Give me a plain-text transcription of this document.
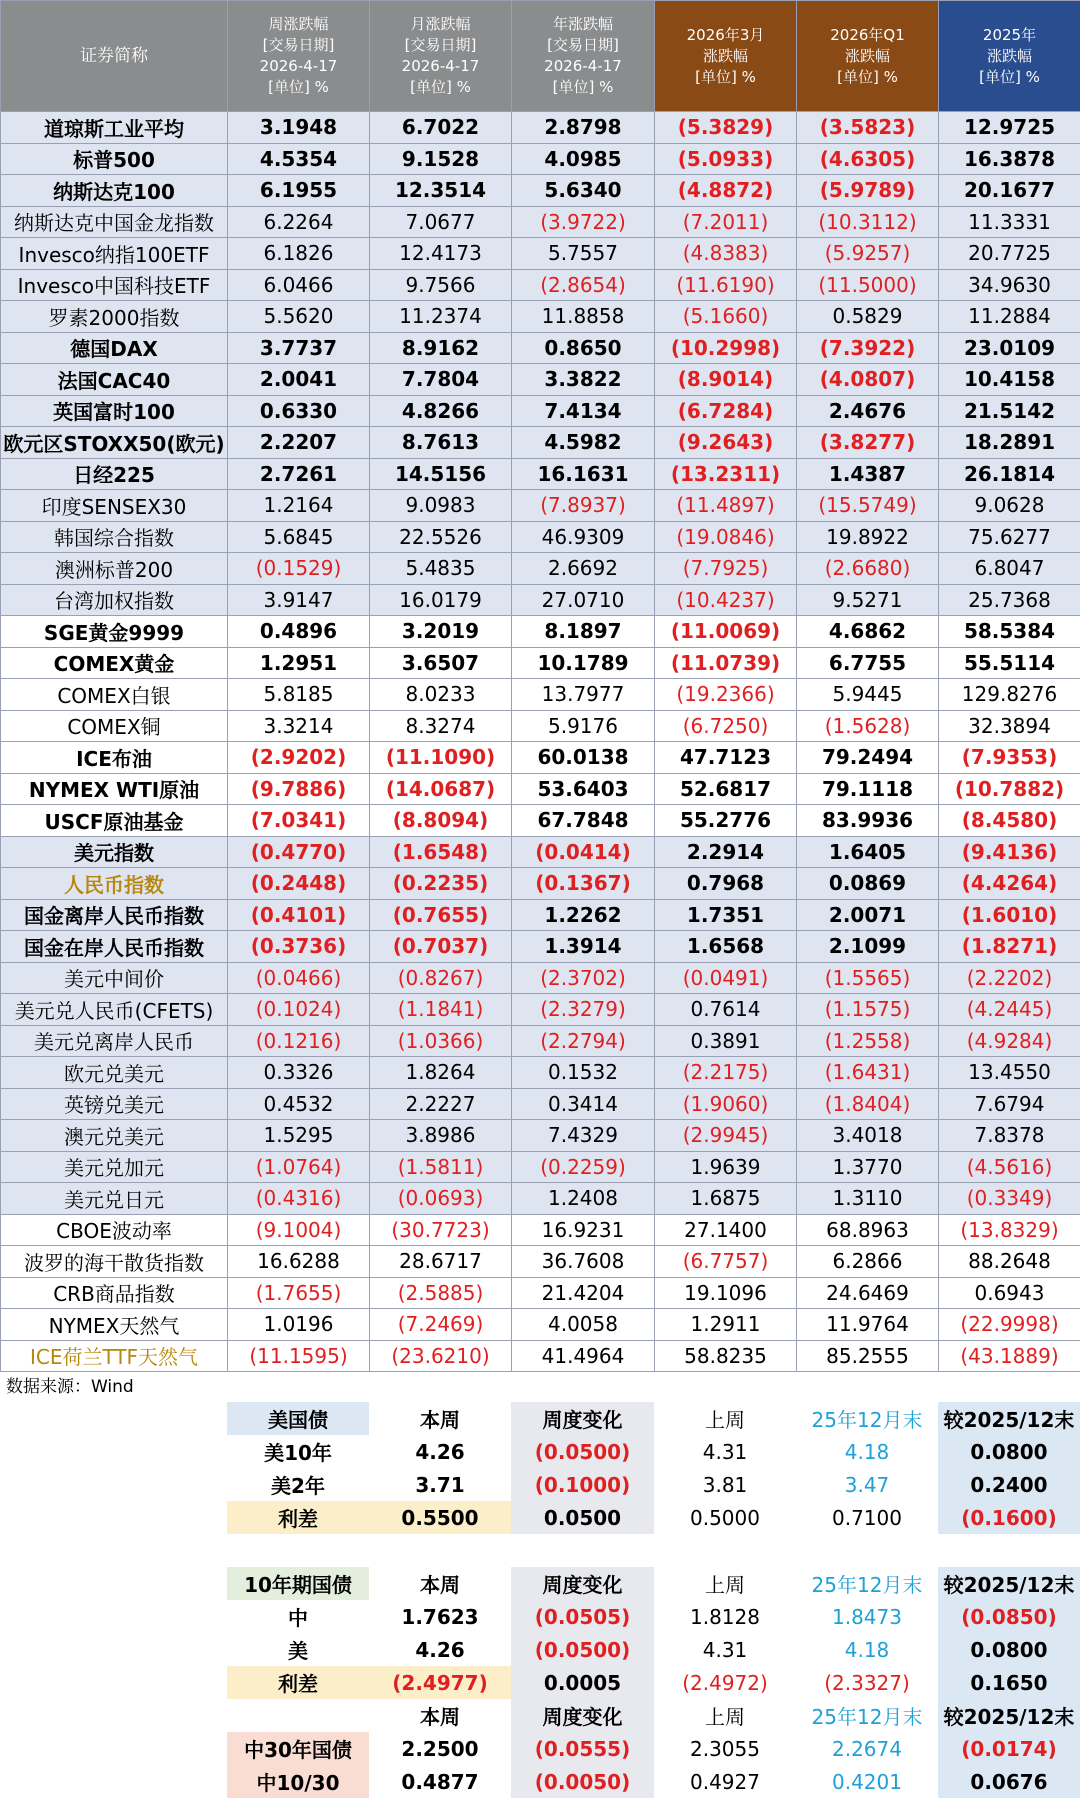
证券简称	周涨跌幅
[交易日期]
2026-4-17
[单位] %	月涨跌幅
[交易日期]
2026-4-17
[单位] %	年涨跌幅
[交易日期]
2026-4-17
[单位] %	2026年3月
涨跌幅
[单位] %	2026年Q1
涨跌幅
[单位] %	2025年
涨跌幅
[单位] %
道琼斯工业平均	3.1948	6.7022	2.8798	(5.3829)	(3.5823)	12.9725
标普500	4.5354	9.1528	4.0985	(5.0933)	(4.6305)	16.3878
纳斯达克100	6.1955	12.3514	5.6340	(4.8872)	(5.9789)	20.1677
纳斯达克中国金龙指数	6.2264	7.0677	(3.9722)	(7.2011)	(10.3112)	11.3331
Invesco纳指100ETF	6.1826	12.4173	5.7557	(4.8383)	(5.9257)	20.7725
Invesco中国科技ETF	6.0466	9.7566	(2.8654)	(11.6190)	(11.5000)	34.9630
罗素2000指数	5.5620	11.2374	11.8858	(5.1660)	0.5829	11.2884
德国DAX	3.7737	8.9162	0.8650	(10.2998)	(7.3922)	23.0109
法国CAC40	2.0041	7.7804	3.3822	(8.9014)	(4.0807)	10.4158
英国富时100	0.6330	4.8266	7.4134	(6.7284)	2.4676	21.5142
欧元区STOXX50(欧元)	2.2207	8.7613	4.5982	(9.2643)	(3.8277)	18.2891
日经225	2.7261	14.5156	16.1631	(13.2311)	1.4387	26.1814
印度SENSEX30	1.2164	9.0983	(7.8937)	(11.4897)	(15.5749)	9.0628
韩国综合指数	5.6845	22.5526	46.9309	(19.0846)	19.8922	75.6277
澳洲标普200	(0.1529)	5.4835	2.6692	(7.7925)	(2.6680)	6.8047
台湾加权指数	3.9147	16.0179	27.0710	(10.4237)	9.5271	25.7368
SGE黄金9999	0.4896	3.2019	8.1897	(11.0069)	4.6862	58.5384
COMEX黄金	1.2951	3.6507	10.1789	(11.0739)	6.7755	55.5114
COMEX白银	5.8185	8.0233	13.7977	(19.2366)	5.9445	129.8276
COMEX铜	3.3214	8.3274	5.9176	(6.7250)	(1.5628)	32.3894
ICE布油	(2.9202)	(11.1090)	60.0138	47.7123	79.2494	(7.9353)
NYMEX WTI原油	(9.7886)	(14.0687)	53.6403	52.6817	79.1118	(10.7882)
USCF原油基金	(7.0341)	(8.8094)	67.7848	55.2776	83.9936	(8.4580)
美元指数	(0.4770)	(1.6548)	(0.0414)	2.2914	1.6405	(9.4136)
人民币指数	(0.2448)	(0.2235)	(0.1367)	0.7968	0.0869	(4.4264)
国金离岸人民币指数	(0.4101)	(0.7655)	1.2262	1.7351	2.0071	(1.6010)
国金在岸人民币指数	(0.3736)	(0.7037)	1.3914	1.6568	2.1099	(1.8271)
美元中间价	(0.0466)	(0.8267)	(2.3702)	(0.0491)	(1.5565)	(2.2202)
美元兑人民币(CFETS)	(0.1024)	(1.1841)	(2.3279)	0.7614	(1.1575)	(4.2445)
美元兑离岸人民币	(0.1216)	(1.0366)	(2.2794)	0.3891	(1.2558)	(4.9284)
欧元兑美元	0.3326	1.8264	0.1532	(2.2175)	(1.6431)	13.4550
英镑兑美元	0.4532	2.2227	0.3414	(1.9060)	(1.8404)	7.6794
澳元兑美元	1.5295	3.8986	7.4329	(2.9945)	3.4018	7.8378
美元兑加元	(1.0764)	(1.5811)	(0.2259)	1.9639	1.3770	(4.5616)
美元兑日元	(0.4316)	(0.0693)	1.2408	1.6875	1.3110	(0.3349)
CBOE波动率	(9.1004)	(30.7723)	16.9231	27.1400	68.8963	(13.8329)
波罗的海干散货指数	16.6288	28.6717	36.7608	(6.7757)	6.2866	88.2648
CRB商品指数	(1.7655)	(2.5885)	21.4204	19.1096	24.6469	0.6943
NYMEX天然气	1.0196	(7.2469)	4.0058	1.2911	11.9764	(22.9998)
ICE荷兰TTF天然气	(11.1595)	(23.6210)	41.4964	58.8235	85.2555	(43.1889)
数据来源：Wind
	美国债	本周	周度变化	上周	25年12月末	较2025/12末
	美10年	4.26	(0.0500)	4.31	4.18	0.0800
	美2年	3.71	(0.1000)	3.81	3.47	0.2400
	利差	0.5500	0.0500	0.5000	0.7100	(0.1600)

	10年期国债	本周	周度变化	上周	25年12月末	较2025/12末
	中	1.7623	(0.0505)	1.8128	1.8473	(0.0850)
	美	4.26	(0.0500)	4.31	4.18	0.0800
	利差	(2.4977)	0.0005	(2.4972)	(2.3327)	0.1650
		本周	周度变化	上周	25年12月末	较2025/12末
	中30年国债	2.2500	(0.0555)	2.3055	2.2674	(0.0174)
	中10/30	0.4877	(0.0050)	0.4927	0.4201	0.0676
